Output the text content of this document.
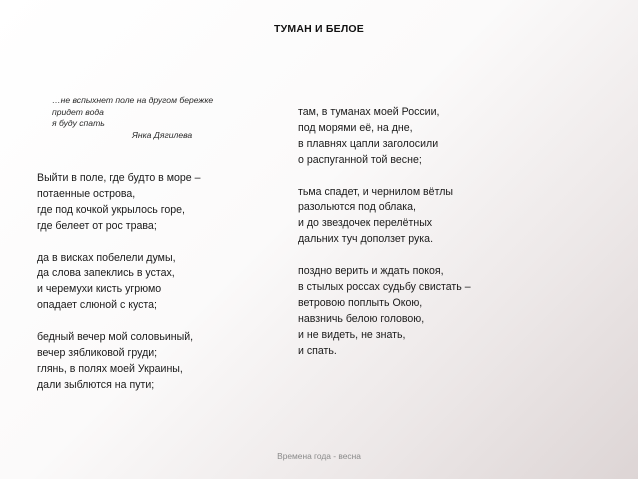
ТУМАН И БЕЛОЕ
…не вспыхнет поле на другом бережке
придет вода
я буду спать
Янка Дягилева
Выйти в поле, где будто в море –
потаенные острова,
где под кочкой укрылось горе,
где белеет от рос трава;
да в висках побелели думы,
да слова запеклись в устах,
и черемухи кисть угрюмо
опадает слюной с куста;
бедный вечер мой соловьиный,
вечер зябликовой груди;
глянь, в полях моей Украины,
дали зыблются на пути;
там, в туманах моей России,
под морями её, на дне,
в плавнях цапли заголосили
о распуганной той весне;
тьма спадет, и чернилом вётлы
разольются под облака,
и до звездочек перелётных
дальних туч доползет рука.
поздно верить и ждать покоя,
в стылых россах судьбу свистать –
ветровою поплыть Окою,
навзничь белою головою,
и не видеть, не знать,
и спать.
Времена года - весна
